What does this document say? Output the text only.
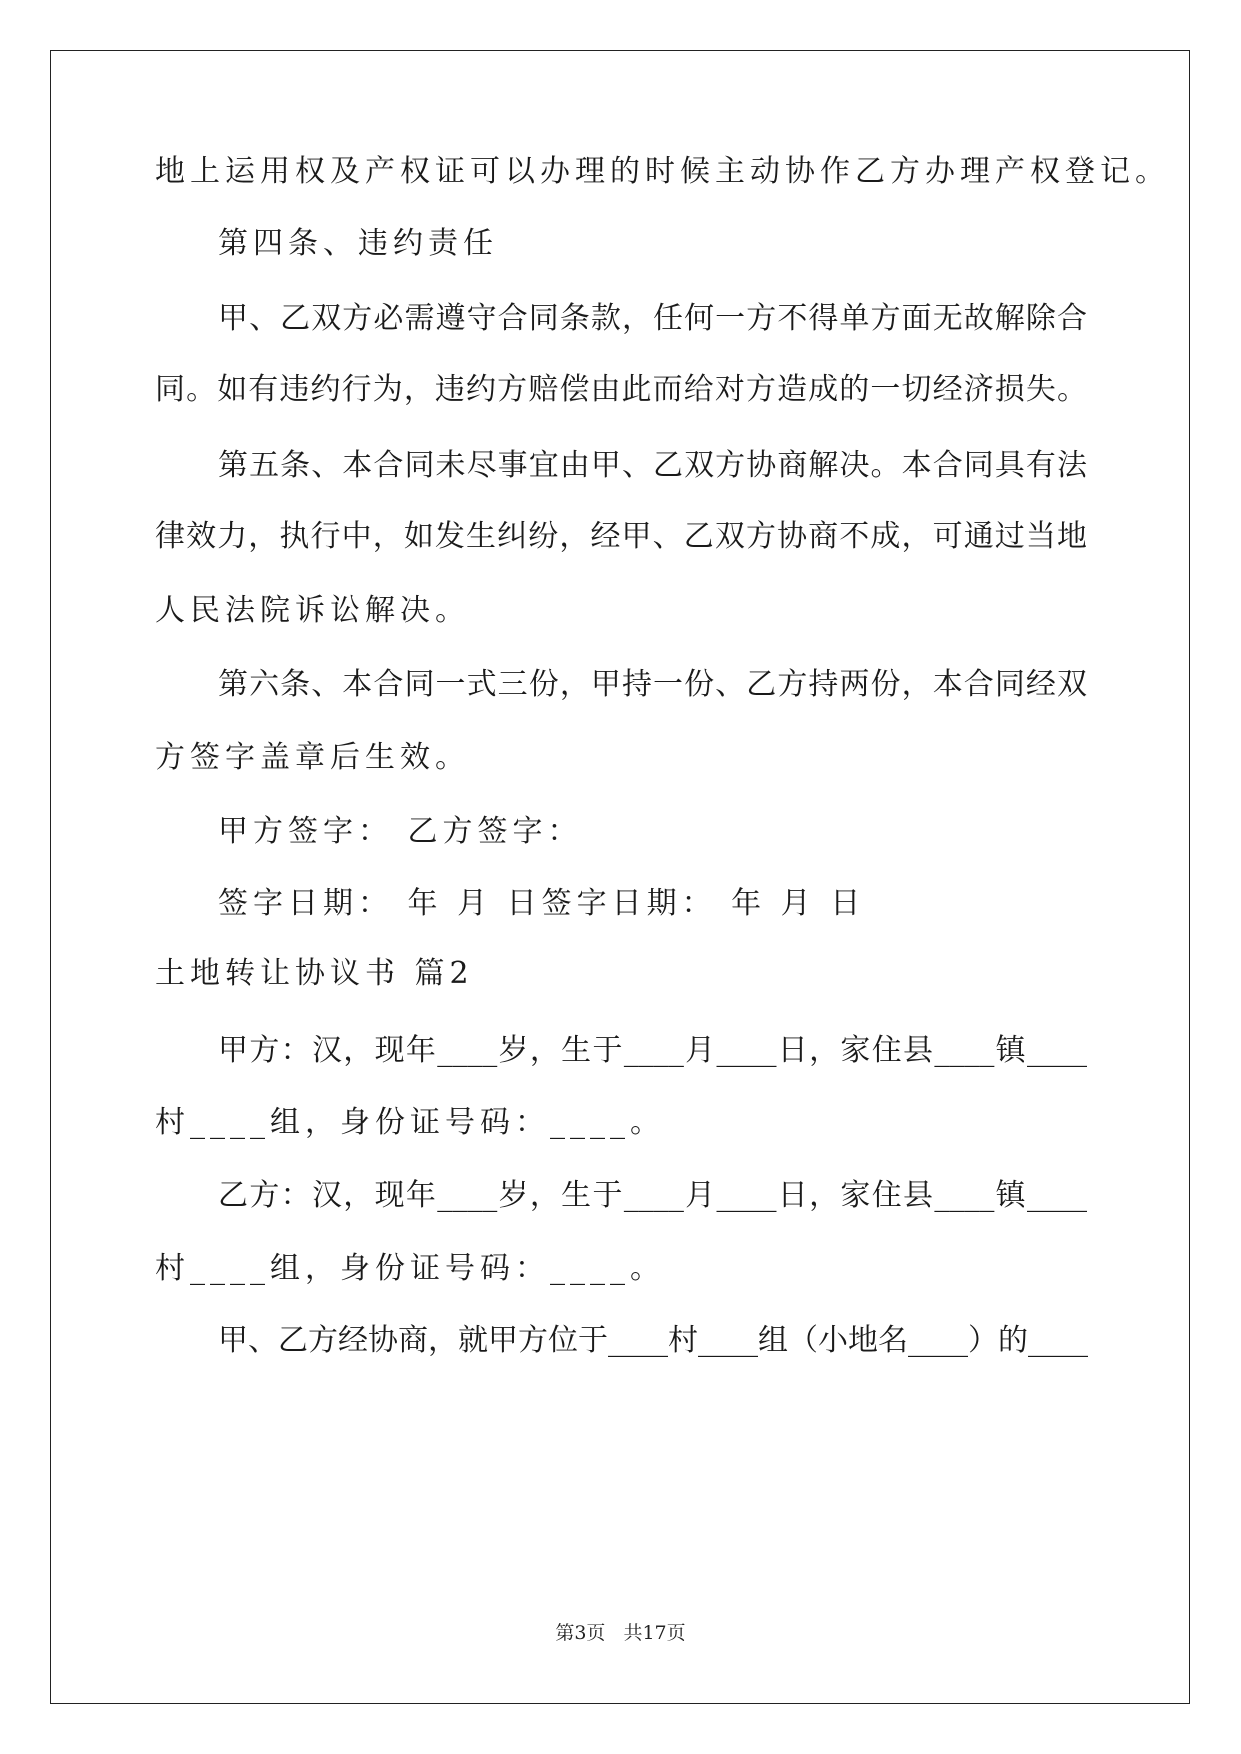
地上运用权及产权证可以办理的时候主动协作乙方办理产权登记。
第四条、违约责任
甲、乙双方必需遵守合同条款，任何一方不得单方面无故解除合
同。如有违约行为，违约方赔偿由此而给对方造成的一切经济损失。
第五条、本合同未尽事宜由甲、乙双方协商解决。本合同具有法
律效力，执行中，如发生纠纷，经甲、乙双方协商不成，可通过当地
人民法院诉讼解决。
第六条、本合同一式三份，甲持一份、乙方持两份，本合同经双
方签字盖章后生效。
甲方签字： 乙方签字：
签字日期： 年 月 日签字日期： 年 月 日
土地转让协议书 篇2
甲方：汉，现年____岁，生于____月____日，家住县____镇____
村____组，身份证号码：____。
乙方：汉，现年____岁，生于____月____日，家住县____镇____
村____组，身份证号码：____。
甲、乙方经协商，就甲方位于____村____组（小地名____）的____
第3页 共17页
